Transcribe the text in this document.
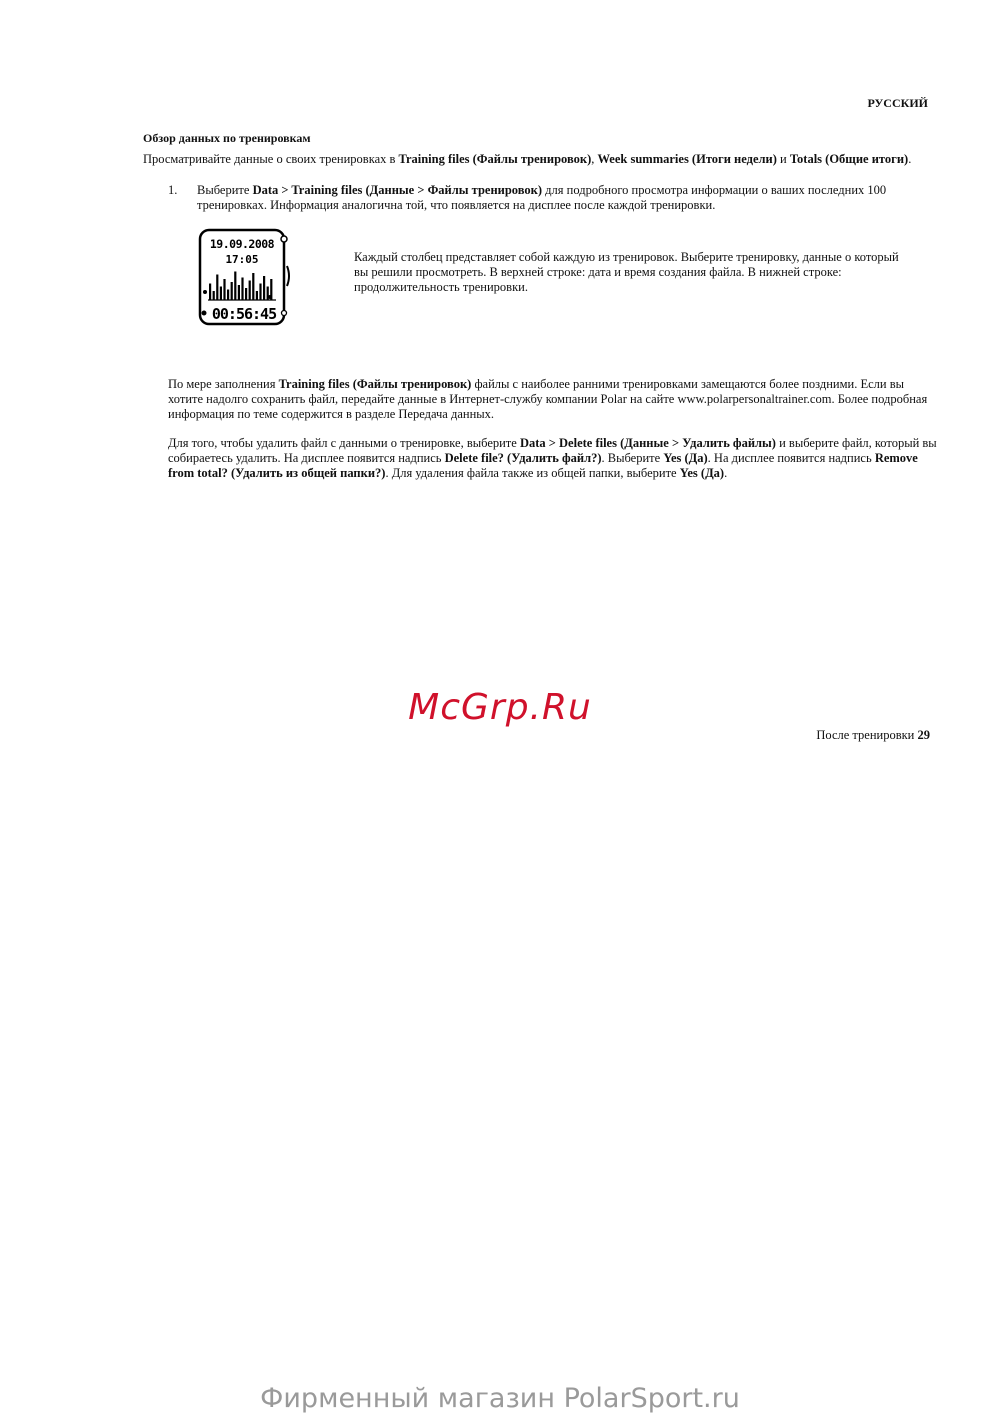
РУССКИЙ
Обзор данных по тренировкам
Просматривайте данные о своих тренировках в Training files (Файлы тренировок), Week summaries (Итоги недели) и Totals (Общие итоги).
1. Выберите Data > Training files (Данные > Файлы тренировок) для подробного просмотра информации о ваших последних 100 тренировках. Информация аналогична той, что появляется на дисплее после каждой тренировки.
19.09.2008
17:05
00:56:45
Каждый столбец представляет собой каждую из тренировок. Выберите тренировку, данные о который вы решили просмотреть. В верхней строке: дата и время создания файла. В нижней строке: продолжительность тренировки.
По мере заполнения Training files (Файлы тренировок) файлы с наиболее ранними тренировками замещаются более поздними. Если вы хотите надолго сохранить файл, передайте данные в Интернет-службу компании Polar на сайте www.polarpersonaltrainer.com. Более подробная информация по теме содержится в разделе Передача данных.
Для того, чтобы удалить файл с данными о тренировке, выберите Data > Delete files (Данные > Удалить файлы) и выберите файл, который вы собираетесь удалить. На дисплее появится надпись Delete file? (Удалить файл?). Выберите Yes (Да). На дисплее появится надпись Remove from total? (Удалить из общей папки?). Для удаления файла также из общей папки, выберите Yes (Да).
McGrp.Ru
После тренировки 29
Фирменный магазин PolarSport.ru
